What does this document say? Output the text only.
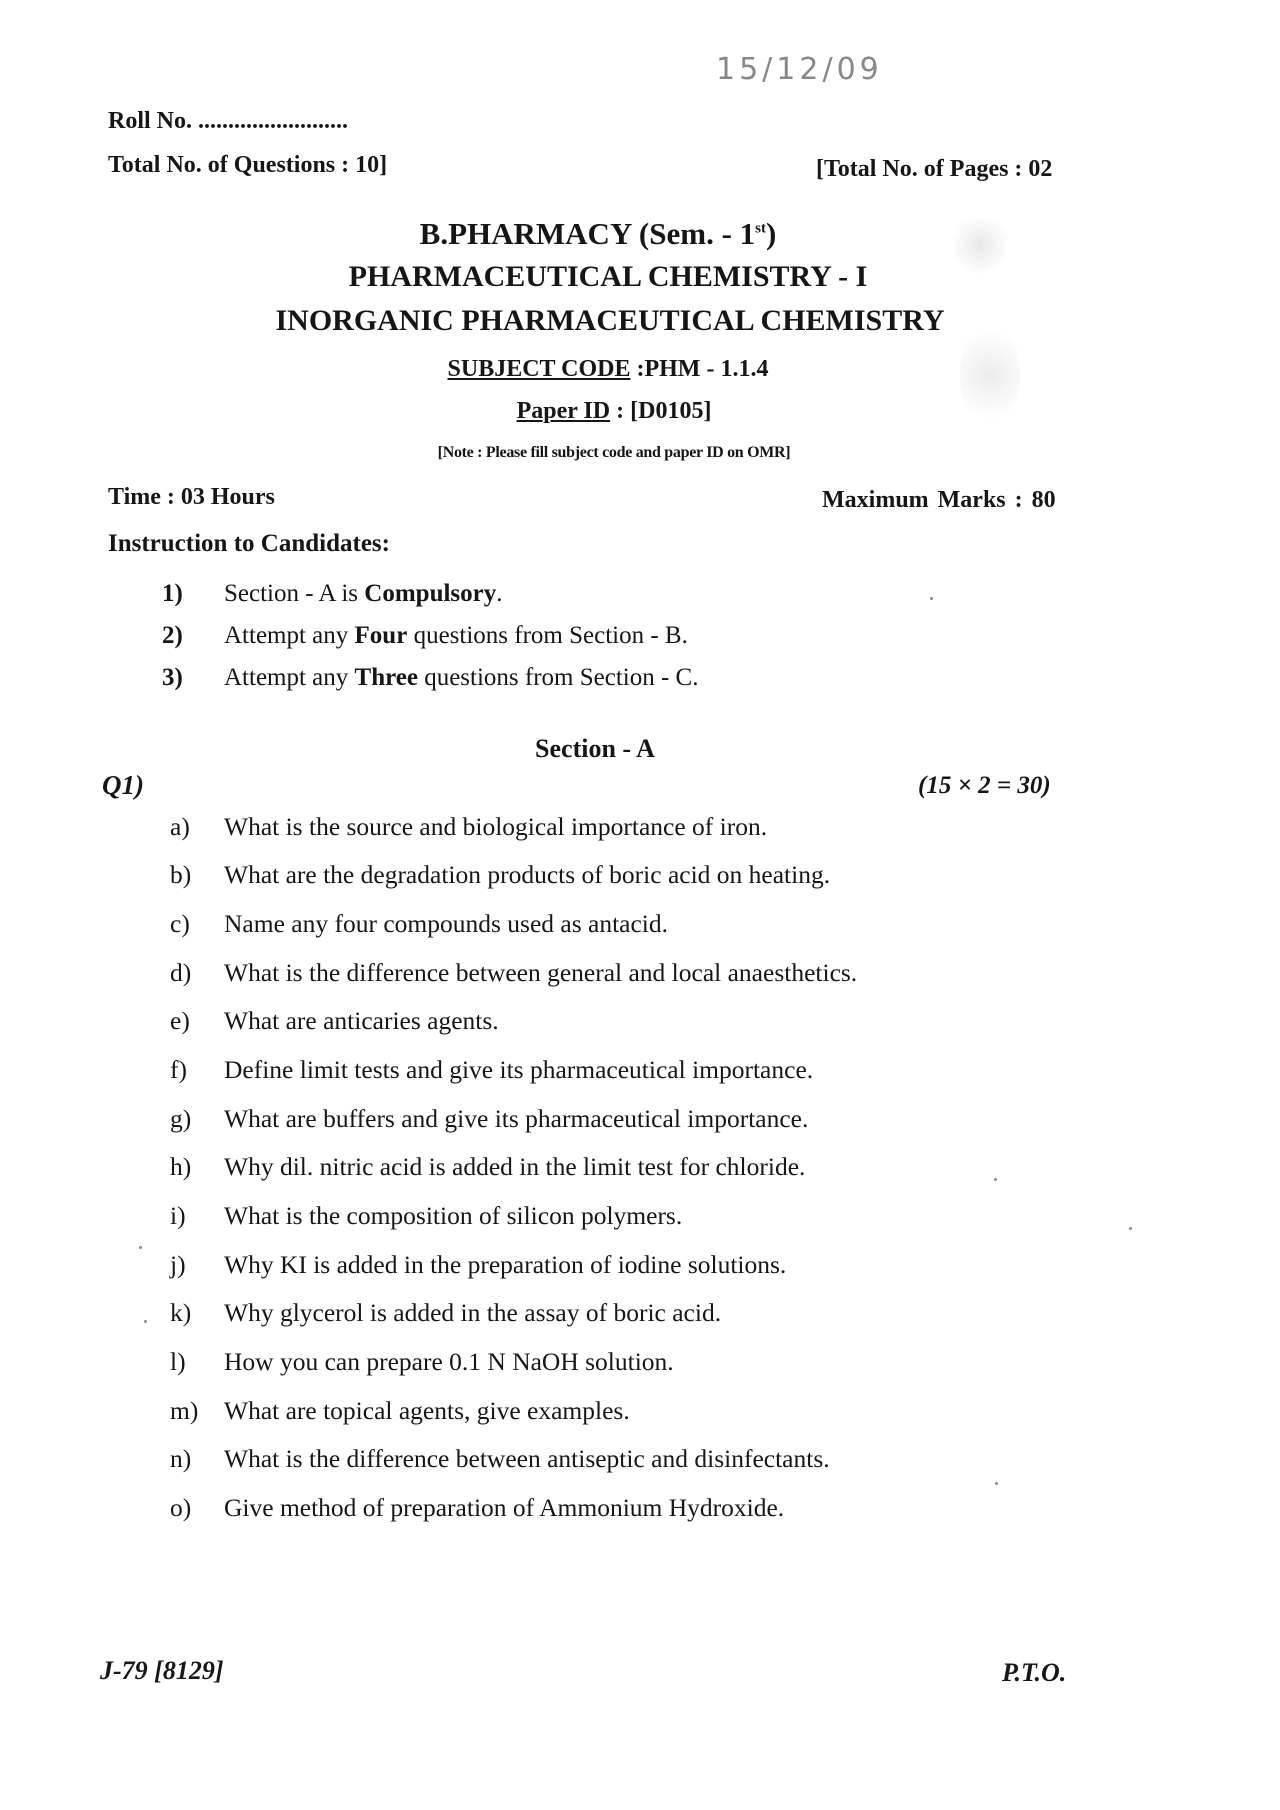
15/12/09
Roll No. .........................
Total No. of Questions : 10]	[Total No. of Pages : 02
B.PHARMACY (Sem. - 1st)
PHARMACEUTICAL CHEMISTRY - I
INORGANIC PHARMACEUTICAL CHEMISTRY
SUBJECT CODE :PHM - 1.1.4
Paper ID : [D0105]
[Note : Please fill subject code and paper ID on OMR]
Time : 03 Hours	Maximum Marks : 80
Instruction to Candidates:
1) Section - A is Compulsory.
2) Attempt any Four questions from Section - B.
3) Attempt any Three questions from Section - C.
Section - A
Q1)	(15 × 2 = 30)
a) What is the source and biological importance of iron.
b) What are the degradation products of boric acid on heating.
c) Name any four compounds used as antacid.
d) What is the difference between general and local anaesthetics.
e) What are anticaries agents.
f) Define limit tests and give its pharmaceutical importance.
g) What are buffers and give its pharmaceutical importance.
h) Why dil. nitric acid is added in the limit test for chloride.
i) What is the composition of silicon polymers.
j) Why KI is added in the preparation of iodine solutions.
k) Why glycerol is added in the assay of boric acid.
l) How you can prepare 0.1 N NaOH solution.
m) What are topical agents, give examples.
n) What is the difference between antiseptic and disinfectants.
o) Give method of preparation of Ammonium Hydroxide.
J-79 [8129]	P.T.O.
